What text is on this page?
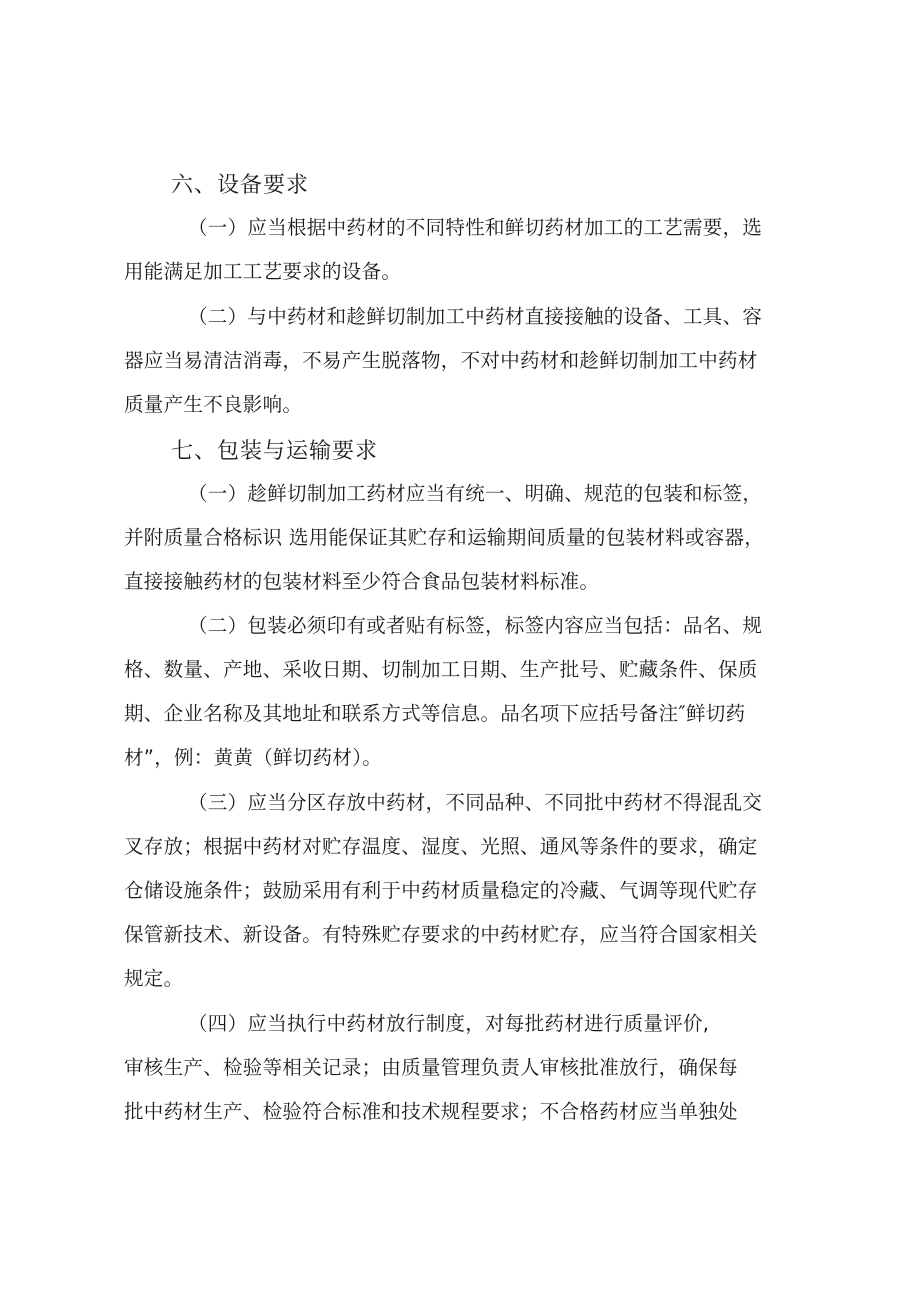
六、设备要求
（一）应当根据中药材的不同特性和鲜切药材加工的工艺需要，选
用能满足加工工艺要求的设备。
（二）与中药材和趁鲜切制加工中药材直接接触的设备、工具、容
器应当易清洁消毒，不易产生脱落物，不对中药材和趁鲜切制加工中药材
质量产生不良影响。
七、包装与运输要求
（一）趁鲜切制加工药材应当有统一、明确、规范的包装和标签，
并附质量合格标识 选用能保证其贮存和运输期间质量的包装材料或容器，
直接接触药材的包装材料至少符合食品包装材料标准。
（二）包装必须印有或者贴有标签，标签内容应当包括：品名、规
格、数量、产地、采收日期、切制加工日期、生产批号、贮藏条件、保质
期、企业名称及其地址和联系方式等信息。品名项下应括号备注″鲜切药
材”，例：黄黄（鲜切药材）。
（三）应当分区存放中药材，不同品种、不同批中药材不得混乱交
叉存放；根据中药材对贮存温度、湿度、光照、通风等条件的要求，确定
仓储设施条件；鼓励采用有利于中药材质量稳定的冷藏、气调等现代贮存
保管新技术、新设备。有特殊贮存要求的中药材贮存，应当符合国家相关
规定。
（四）应当执行中药材放行制度，对每批药材进行质量评价,
审核生产、检验等相关记录；由质量管理负责人审核批准放行，确保每
批中药材生产、检验符合标准和技术规程要求；不合格药材应当单独处
